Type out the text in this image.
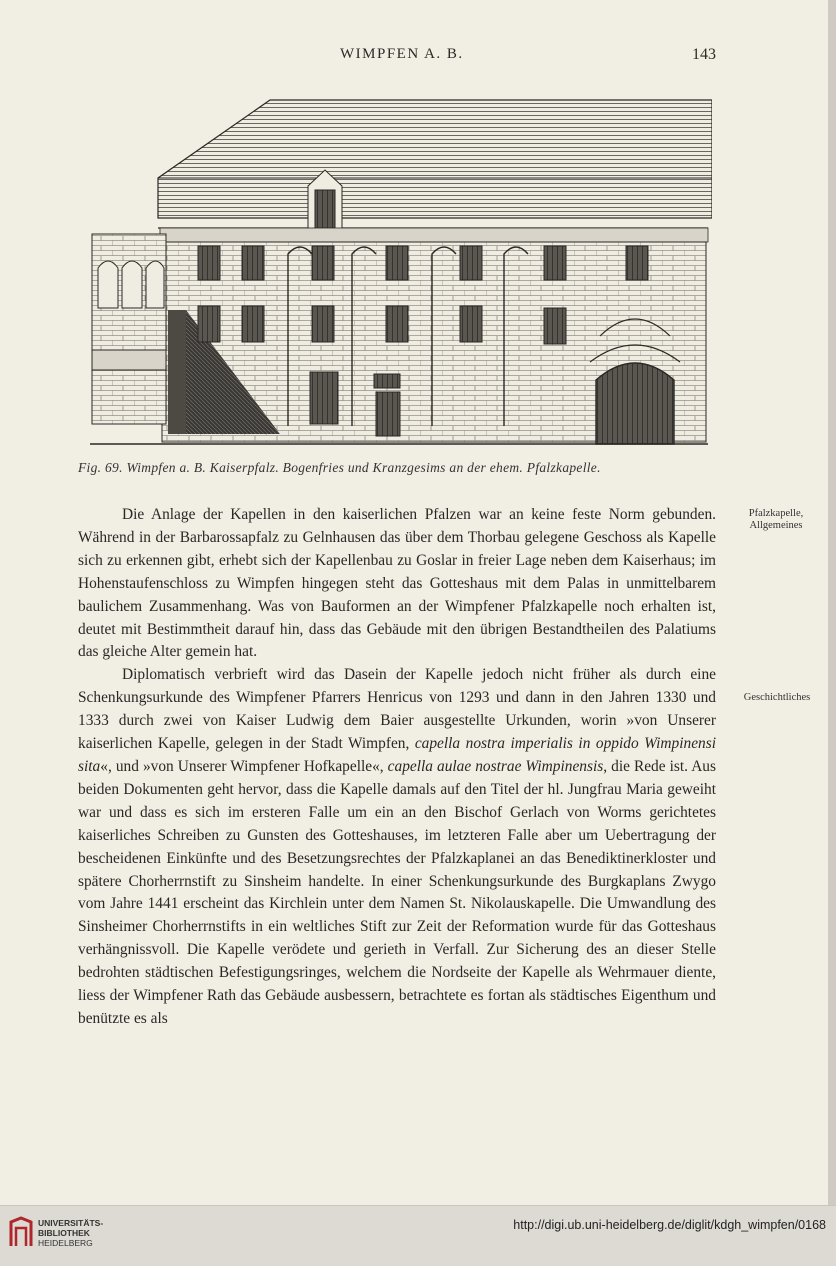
WIMPFEN A. B.	143
Fig. 69. Wimpfen a. B. Kaiserpfalz. Bogenfries und Kranzgesims an der ehem. Pfalzkapelle.
Pfalzkapelle,
Allgemeines
Geschichtliches

Die Anlage der Kapellen in den kaiserlichen Pfalzen war an keine feste Norm gebunden. Während in der Barbarossapfalz zu Gelnhausen das über dem Thorbau gelegene Geschoss als Kapelle sich zu erkennen gibt, erhebt sich der Kapellenbau zu Goslar in freier Lage neben dem Kaiserhaus; im Hohenstaufenschloss zu Wimpfen hingegen steht das Gotteshaus mit dem Palas in unmittelbarem baulichem Zusammenhang. Was von Bauformen an der Wimpfener Pfalzkapelle noch erhalten ist, deutet mit Bestimmtheit darauf hin, dass das Gebäude mit den übrigen Bestandtheilen des Palatiums das gleiche Alter gemein hat.

Diplomatisch verbrieft wird das Dasein der Kapelle jedoch nicht früher als durch eine Schenkungsurkunde des Wimpfener Pfarrers Henricus von 1293 und dann in den Jahren 1330 und 1333 durch zwei von Kaiser Ludwig dem Baier ausgestellte Urkunden, worin »von Unserer kaiserlichen Kapelle, gelegen in der Stadt Wimpfen, capella nostra imperialis in oppido Wimpinensi sita«, und »von Unserer Wimpfener Hofkapelle«, capella aulae nostrae Wimpinensis, die Rede ist. Aus beiden Dokumenten geht hervor, dass die Kapelle damals auf den Titel der hl. Jungfrau Maria geweiht war und dass es sich im ersteren Falle um ein an den Bischof Gerlach von Worms gerichtetes kaiserliches Schreiben zu Gunsten des Gotteshauses, im letzteren Falle aber um Uebertragung der bescheidenen Einkünfte und des Besetzungsrechtes der Pfalzkaplanei an das Benediktinerkloster und spätere Chorherrnstift zu Sinsheim handelte. In einer Schenkungsurkunde des Burgkaplans Zwygo vom Jahre 1441 erscheint das Kirchlein unter dem Namen St. Nikolauskapelle. Die Umwandlung des Sinsheimer Chorherrnstifts in ein weltliches Stift zur Zeit der Reformation wurde für das Gotteshaus verhängnissvoll. Die Kapelle verödete und gerieth in Verfall. Zur Sicherung des an dieser Stelle bedrohten städtischen Befestigungsringes, welchem die Nordseite der Kapelle als Wehrmauer diente, liess der Wimpfener Rath das Gebäude ausbessern, betrachtete es fortan als städtisches Eigenthum und benützte es als

UNIVERSITÄTS-
BIBLIOTHEK
HEIDELBERG
http://digi.ub.uni-heidelberg.de/diglit/kdgh_wimpfen/0168
